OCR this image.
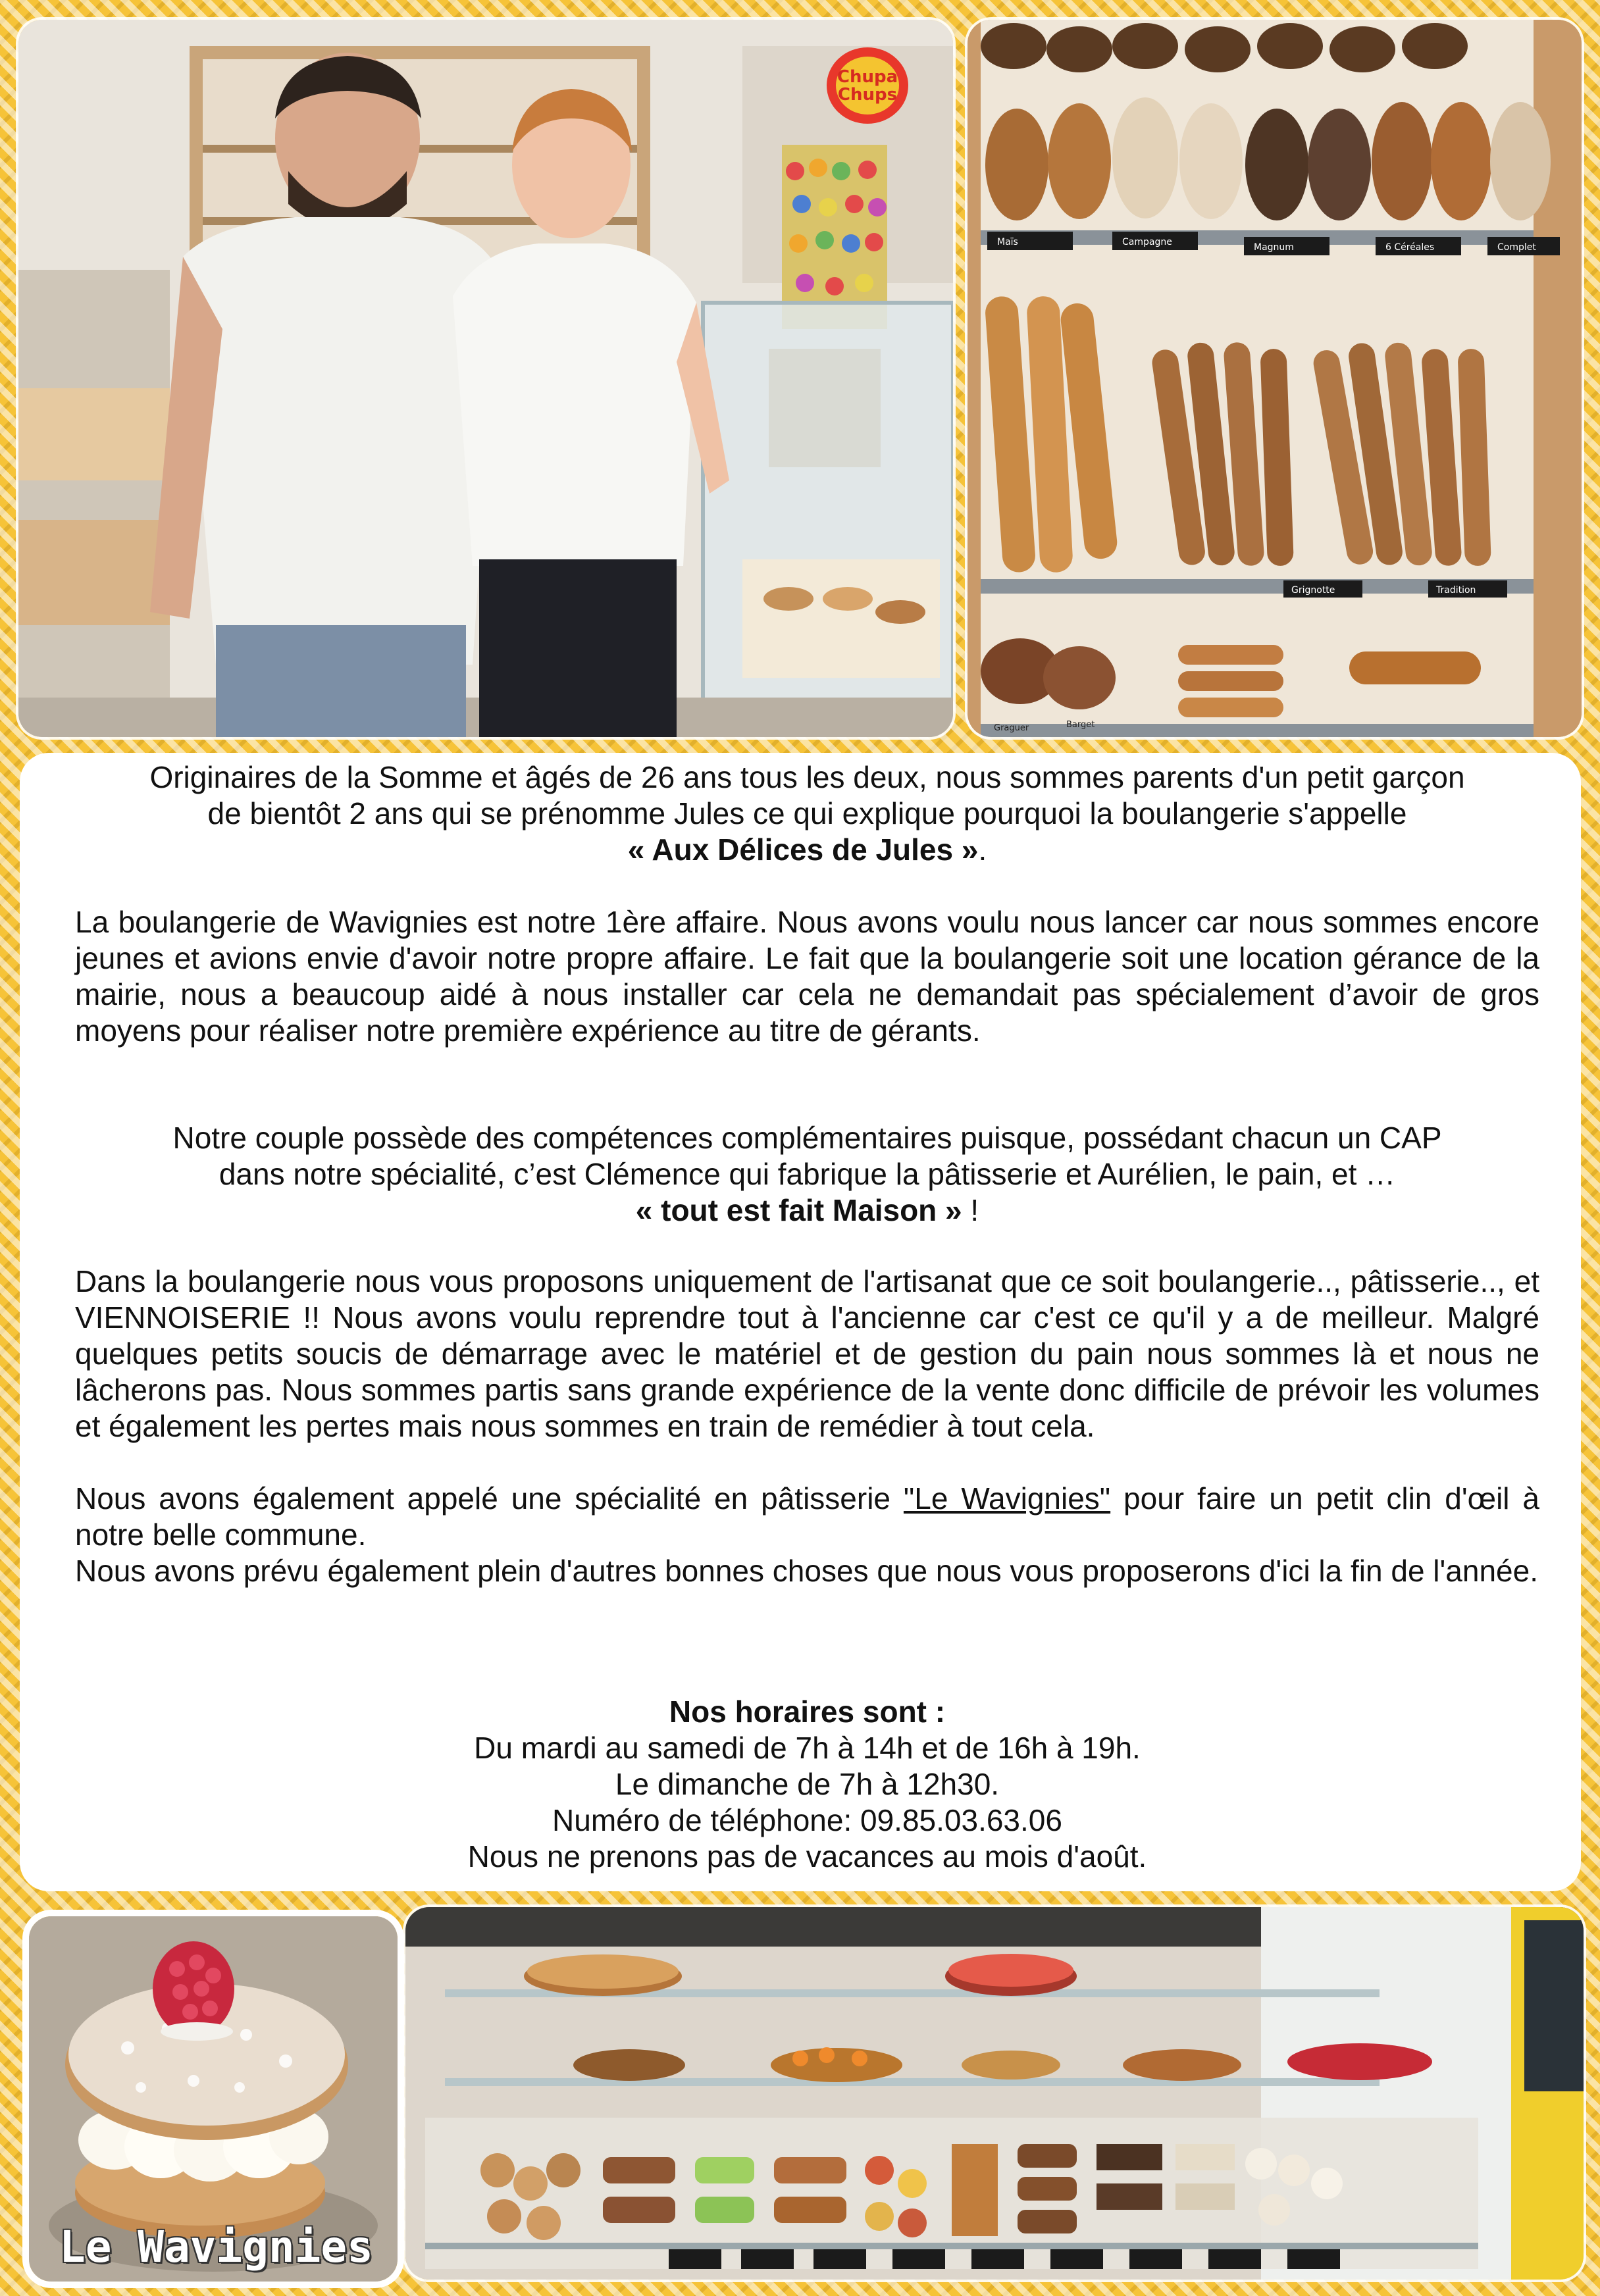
Chupa
Chups
Maïs	Campagne	Magnum	6 Céréales	Complet
Grignotte	Tradition
Graguer	Barget
Originaires de la Somme et âgés de 26 ans tous les deux, nous sommes parents d'un petit garçon
de bientôt 2 ans qui se prénomme Jules ce qui explique pourquoi la boulangerie s'appelle
« Aux Délices de Jules ».
La boulangerie de Wavignies est notre 1ère affaire. Nous avons voulu nous lancer car nous sommes encore jeunes et avions envie d'avoir notre propre affaire. Le fait que la boulangerie soit une location gérance de la mairie, nous a beaucoup aidé à nous installer car cela ne demandait pas spécialement d’avoir de gros moyens pour réaliser notre première expérience au titre de gérants.
Notre couple possède des compétences complémentaires puisque, possédant chacun un CAP
dans notre spécialité, c’est Clémence qui fabrique la pâtisserie et Aurélien, le pain, et …
« tout est fait Maison » !
Dans la boulangerie nous vous proposons uniquement de l'artisanat que ce soit boulangerie.., pâtisserie.., et VIENNOISERIE !! Nous avons voulu reprendre tout à l'ancienne car c'est ce qu'il y a de meilleur. Malgré quelques petits soucis de démarrage avec le matériel et de gestion du pain nous sommes là et nous ne lâcherons pas. Nous sommes partis sans grande expérience de la vente donc difficile de prévoir les volumes et également les pertes mais nous sommes en train de remédier à tout cela.
Nous avons également appelé une spécialité en pâtisserie "Le Wavignies" pour faire un petit clin d'œil à notre belle commune.
Nous avons prévu également plein d'autres bonnes choses que nous vous proposerons d'ici la fin de l'année.
Nos horaires sont :
Du mardi au samedi de 7h à 14h et de 16h à 19h.
Le dimanche de 7h à 12h30.
Numéro de téléphone: 09.85.03.63.06
Nous ne prenons pas de vacances au mois d'août.
Le Wavignies
